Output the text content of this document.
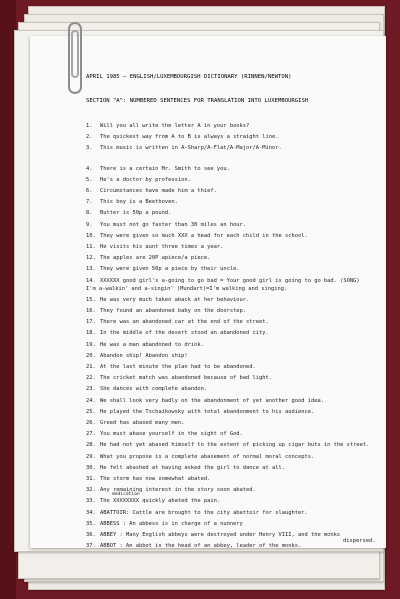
APRIL 1985 — ENGLISH/LUXEMBOURGISH DICTIONARY (RINNEN/NEWTON)
SECTION "A": NUMBERED SENTENCES FOR TRANSLATION INTO LUXEMBOURGISH
1. Will you all write the letter A in your books?
2. The quickest way from A to B is always a straight line.
3. This music is written in A-Sharp/A-Flat/A-Major/A-Minor.
4. There is a certain Mr. Smith to see you.
5. He's a doctor by profession.
6. Circumstances have made him a thief.
7. This boy is a Beethoven.
8. Butter is 50p a pound.
9. You must not go faster than 30 miles an hour.
10. They were given so much XXX a head for each child in the school.
11. He visits his aunt three times a year.
12. The apples are 20P apiece/a piece.
13. They were given 50p a piece by their uncle.
14. XXXXXX good girl's a-going to go bad = Your good girl is going to go bad. (SONG)
15. He was very much taken aback at her behaviour.
16. They found an abandoned baby on the doorstep.
17. There was an abandoned car at the end of the street.
18. In the middle of the desert stood an abandoned city.
19. He was a man abandoned to drink.
20. Abandon ship! Abandon ship!
21. At the last minute the plan had to be abandoned.
22. The cricket match was abandoned because of bad light.
23. She dances with complete abandon.
24. We shall look very badly on the abandonment of yet another good idea.
25. He played the Tschaikowsky with total abandonment to his audience.
26. Greed has abased many men.
27. You must abase yourself in the sight of God.
28. He had not yet abased himself to the extent of picking up cigar buts in the street.
29. What you propose is a complete abasement of normal moral concepts.
30. He felt abashed at having asked the girl to dance at all.
31. The storm has now somewhat abated.
32. Any remaining interest in the story soon abated.
33. The XXXXXXXX quickly abated the pain.
34. ABATTOIR: Cattle are brought to the city abattoir for slaughter.
35. ABBESS : An abbess is in charge of a nunnery
36. ABBEY : Many English abbeys were destroyed under Henry VIII, and the monks
37. ABBOT : An abbot is the head of an abbey, leader of the monks.
I'm a-walkin' and a-singin' (Mundart)=I'm walking and singing.
dispersed.
medication
